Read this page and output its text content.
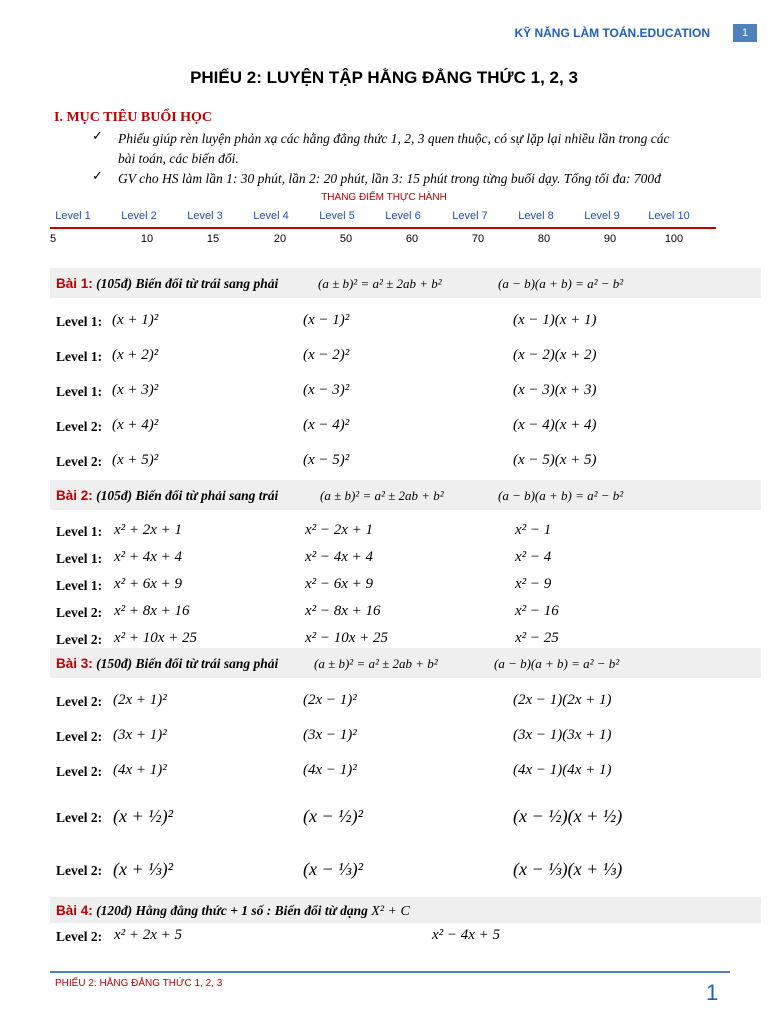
KỸ NĂNG LÀM TOÁN.EDUCATION	1
PHIẾU 2: LUYỆN TẬP HẰNG ĐẲNG THỨC 1, 2, 3
I. MỤC TIÊU BUỔI HỌC
✓ Phiếu giúp rèn luyện phản xạ các hằng đẳng thức 1, 2, 3 quen thuộc, có sự lặp lại nhiều lần trong các
bài toán, các biến đổi.
✓ GV cho HS làm lần 1: 30 phút, lần 2: 20 phút, lần 3: 15 phút trong từng buổi dạy. Tổng tối đa: 700đ
THANG ĐIỂM THỰC HÀNH
Level 1	Level 2	Level 3	Level 4	Level 5	Level 6	Level 7	Level 8	Level 9	Level 10
5	10	15	20	50	60	70	80	90	100
Bài 1: (105đ) Biến đổi từ trái sang phải	(a ± b)² = a² ± 2ab + b²	(a − b)(a + b) = a² − b²
Level 1: (x + 1)²	(x − 1)²	(x − 1)(x + 1)
Level 1: (x + 2)²	(x − 2)²	(x − 2)(x + 2)
Level 1: (x + 3)²	(x − 3)²	(x − 3)(x + 3)
Level 2: (x + 4)²	(x − 4)²	(x − 4)(x + 4)
Level 2: (x + 5)²	(x − 5)²	(x − 5)(x + 5)
Bài 2: (105đ) Biến đổi từ phải sang trái	(a ± b)² = a² ± 2ab + b²	(a − b)(a + b) = a² − b²
Level 1: x² + 2x + 1	x² − 2x + 1	x² − 1
Level 1: x² + 4x + 4	x² − 4x + 4	x² − 4
Level 1: x² + 6x + 9	x² − 6x + 9	x² − 9
Level 2: x² + 8x + 16	x² − 8x + 16	x² − 16
Level 2: x² + 10x + 25	x² − 10x + 25	x² − 25
Bài 3: (150đ) Biến đổi từ trái sang phải	(a ± b)² = a² ± 2ab + b²	(a − b)(a + b) = a² − b²
Level 2: (2x + 1)²	(2x − 1)²	(2x − 1)(2x + 1)
Level 2: (3x + 1)²	(3x − 1)²	(3x − 1)(3x + 1)
Level 2: (4x + 1)²	(4x − 1)²	(4x − 1)(4x + 1)
Level 2: (x + ½)²	(x − ½)²	(x − ½)(x + ½)
Level 2: (x + ⅓)²	(x − ⅓)²	(x − ⅓)(x + ⅓)
Bài 4: (120đ) Hằng đẳng thức + 1 số : Biến đổi từ dạng X² + C
Level 2: x² + 2x + 5	x² − 4x + 5
PHIẾU 2: HẰNG ĐẲNG THỨC 1, 2, 3	1
